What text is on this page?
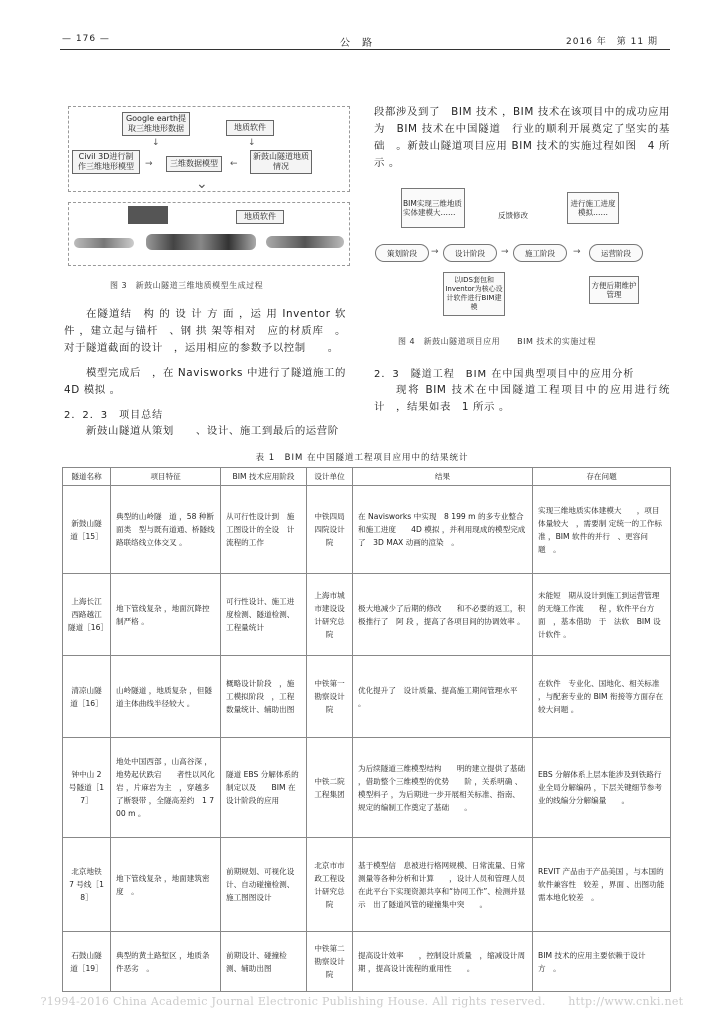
— 176 —	公　路	2016 年　第 11 期
Google earth提取三维地形数据	地质软件
Civil 3D进行制作三维地形模型	三维数据模型
新鼓山隧道地质情况
↓
→	←
↓
⌄
地质软件
图 3　新鼓山隧道三维地质模型生成过程
在隧道结　构 的 设 计 方 面 ，运 用 Inventor 软 件 ，建立起与锚杆　、钢 拱 架等相对　应的材质库　。 对于隧道截面的设计　，运用相应的参数予以控制　　。
模型完成后　，在 Navisworks 中进行了隧道施工的 4D 模拟 。
2．2．3　项目总结
新鼓山隧道从策划　　、设计、施工到最后的运营阶
段都涉及到了　BIM 技术 ，BIM 技术在该项目中的成功应用为　BIM 技术在中国隧道　行业的顺利开展奠定了坚实的基础　。新鼓山隧道项目应用 BIM 技术的实施过程如图　4 所示 。
BIM实现三维地质实体建模大……	反馈修改
进行施工进度模拟……
策划阶段	→	设计阶段	→	施工阶段	→	运营阶段
以IDS套包和Inventor为核心设计软件进行BIM建模
方便后期维护管理
图 4　新鼓山隧道项目应用　　BIM 技术的实施过程
2．3　隧道工程　BIM 在中国典型项目中的应用分析
现将 BIM 技术在中国隧道工程项目中的应用进行统计　，结果如表　1 所示 。
表 1　BIM 在中国隧道工程项目应用中的结果统计
隧道名称	项目特征	BIM 技术应用阶段	设计单位	结果	存在问题
新鼓山隧道［15］	典型的山岭隧　道 ，58 种断面类　型与既有道通、桥隧线路联络线立体交叉 。	从可行性设计到　施工图设计的全设　计流程的工作	中铁四局四院设计院	在 Navisworks 中实现　8 199 m 的多专业整合和施工进度　　4D 模拟 ，并利用现成的模型完成了　3D MAX 动画的渲染　。	实现三维地质实体建模大　　，项目体量较大　，需要制 定统一的工作标准 ，BIM 软件的并行　、更容问题　。
上海长江西路越江隧道［16］	地下管线复杂 ，地面沉降控制严格 。	可行性设计、施工进度检测、隧道检测、工程量统计	上海市城市建设设计研究总院	极大地减少了后期的修改　　和不必要的返工，积极推行了　阿 段 ，提高了各项目间的协调效率 。	未能短　期从设计到施工到运营管理的无缝工作流　　程 ，软件平台方面　，基本借助　于　法软　BIM 设计软件 。
清凉山隧道［16］	山岭隧道 ，地质复杂 ，但隧道主体曲线半径较大 。	概略设计阶段　，施工模拟阶段　，工程数量统计、辅助出图	中铁第一勘察设计院	优化提升了　设计质量、提高施工期间管理水平 。	在软件　专业化、国地化、相关标准 ，与配套专业的 BIM 衔接等方面存在较大问题 。
钟中山 2 号隧道［17］	地处中国西部 ，山高谷深 ，地势起伏跌宕　　者性以风化岩 ，片麻岩为主　，穿越多了断裂带 ，全隧高差约　1 700 m 。	隧道 EBS 分解体系的制定以及　　BIM 在设计阶段的应用	中铁二院工程集团	为后续隧道三维模型结构　　明的建立提供了基础 ，借助整个三维模型的优势　　阶 ，关系明确 、模型料子 ，为后期进一步开展相关标准、指南、规定的编制工作奠定了基础　　。	EBS 分解体系上层本能涉及到铁路行业全局分解编码 ，下层关键细节参考　　业的线编分分解编量　　。
北京地铁 7 号线［18］	地下管线复杂 ，地面建筑密度　。	前期规划、可视化设计、自动碰撞检测、施工图图设计	北京市市政工程设计研究总院	基于模型信　息被进行格网规模、日常流量、日常测量等各种分析和计算　　，设计人员和管理人员在此平台下实现资源共享和“协同工作”、检测并显示　出了隧道风管的碰撞集中突　　。	REVIT 产品由于产品美国 ，与本国的软件兼容性　较差 ，界面 、出图功能需本地化较差　。
石鼓山隧道［19］	典型的黄土路堑区 ，地质条件恶劣　。	前期设计、碰撞检测、辅助出图	中铁第二勘察设计院	提高设计效率　　，控制设计质量　，缩减设计周期 ，提高设计流程的重用性　　。	BIM 技术的应用主要依赖于设计方　。
?1994-2016 China Academic Journal Electronic Publishing House. All rights reserved.　　http://www.cnki.net
